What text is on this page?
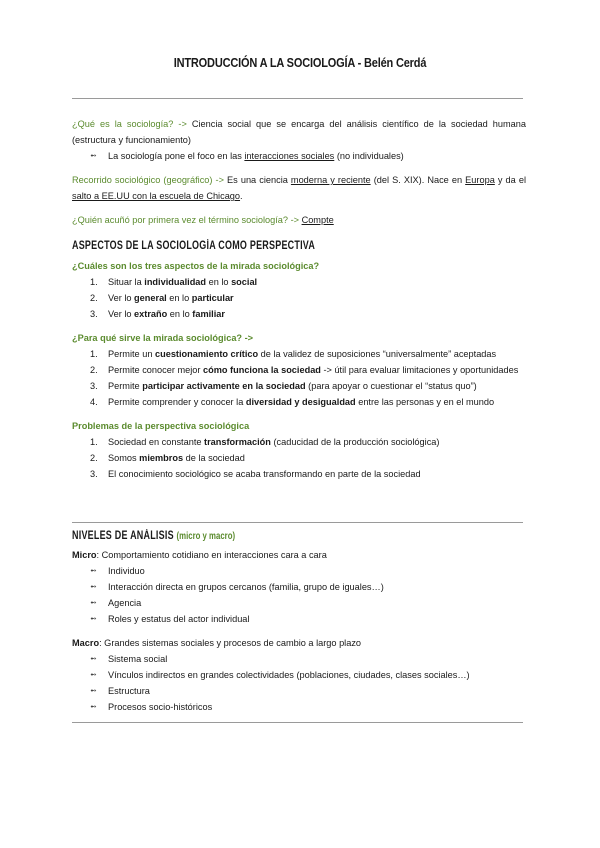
INTRODUCCIÓN A LA SOCIOLOGÍA - Belén Cerdá
¿Qué es la sociología? -> Ciencia social que se encarga del análisis científico de la sociedad humana (estructura y funcionamiento)
➻ La sociología pone el foco en las interacciones sociales (no individuales)
Recorrido sociológico (geográfico) -> Es una ciencia moderna y reciente (del S. XIX). Nace en Europa y da el salto a EE.UU con la escuela de Chicago.
¿Quién acuñó por primera vez el término sociología? -> Compte
ASPECTOS DE LA SOCIOLOGÍA COMO PERSPECTIVA
¿Cuáles son los tres aspectos de la mirada sociológica?
1. Situar la individualidad en lo social
2. Ver lo general en lo particular
3. Ver lo extraño en lo familiar
¿Para qué sirve la mirada sociológica? ->
1. Permite un cuestionamiento crítico de la validez de suposiciones “universalmente” aceptadas
2. Permite conocer mejor cómo funciona la sociedad -> útil para evaluar limitaciones y oportunidades
3. Permite participar activamente en la sociedad (para apoyar o cuestionar el “status quo”)
4. Permite comprender y conocer la diversidad y desigualdad entre las personas y en el mundo
Problemas de la perspectiva sociológica
1. Sociedad en constante transformación (caducidad de la producción sociológica)
2. Somos miembros de la sociedad
3. El conocimiento sociológico se acaba transformando en parte de la sociedad
NIVELES DE ANÁLISIS (micro y macro)
Micro: Comportamiento cotidiano en interacciones cara a cara
➻ Individuo
➻ Interacción directa en grupos cercanos (familia, grupo de iguales…)
➻ Agencia
➻ Roles y estatus del actor individual
Macro: Grandes sistemas sociales y procesos de cambio a largo plazo
➻ Sistema social
➻ Vínculos indirectos en grandes colectividades (poblaciones, ciudades, clases sociales…)
➻ Estructura
➻ Procesos socio-históricos
